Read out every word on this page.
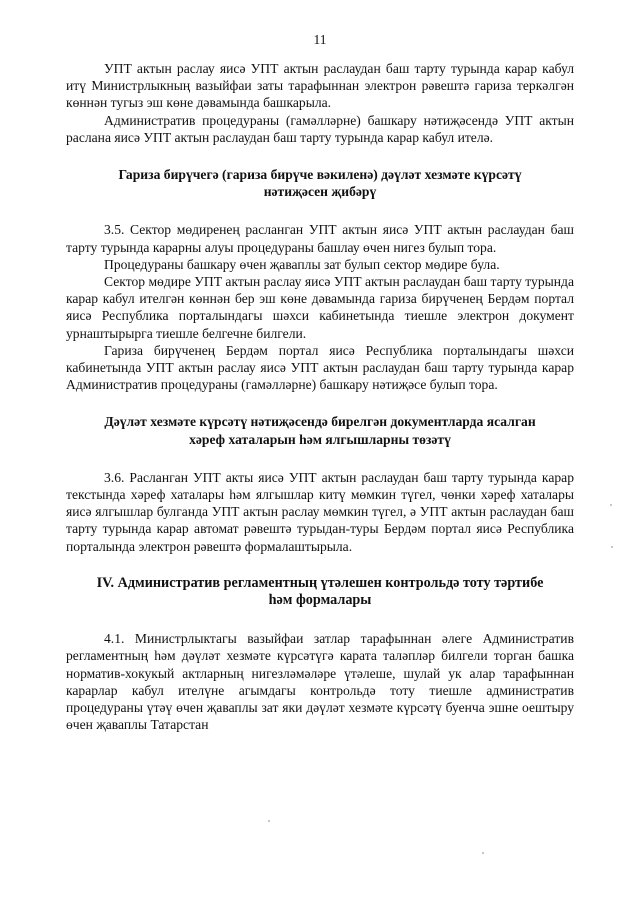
11

УПТ актын раслау яисә УПТ актын раслаудан баш тарту турында карар кабул итү Министрлыкның вазыйфаи заты тарафыннан электрон рәвештә гариза теркәлгән көннән тугыз эш көне дәвамында башкарыла.

Административ процедураны (гамәлләрне) башкару нәтиҗәсендә УПТ актын раслана яисә УПТ актын раслаудан баш тарту турында карар кабул ителә.

Гариза бирүчегә (гариза бирүче вәкиленә) дәүләт хезмәте күрсәтү
нәтиҗәсен җибәрү

3.5. Сектор мөдиренең расланган УПТ актын яисә УПТ актын раслаудан баш тарту турында карарны алуы процедураны башлау өчен нигез булып тора.

Процедураны башкару өчен җаваплы зат булып сектор мөдире була.

Сектор мөдире УПТ актын раслау яисә УПТ актын раслаудан баш тарту турында карар кабул ителгән көннән бер эш көне дәвамында гариза бирүченең Бердәм портал яисә Республика порталындагы шәхси кабинетында тиешле электрон документ урнаштырырга тиешле белгечне билгели.

Гариза бирүченең Бердәм портал яисә Республика порталындагы шәхси кабинетында УПТ актын раслау яисә УПТ актын раслаудан баш тарту турында карар Административ процедураны (гамәлләрне) башкару нәтиҗәсе булып тора.

Дәүләт хезмәте күрсәтү нәтиҗәсендә бирелгән документларда ясалган
хәреф хаталарын һәм ялгышларны төзәтү

3.6. Расланган УПТ акты яисә УПТ актын раслаудан баш тарту турында карар текстында хәреф хаталары һәм ялгышлар китү мөмкин түгел, чөнки хәреф хаталары яисә ялгышлар булганда УПТ актын раслау мөмкин түгел, ә УПТ актын раслаудан баш тарту турында карар автомат рәвештә турыдан-туры Бердәм портал яисә Республика порталында электрон рәвештә формалаштырыла.

IV. Административ регламентның үтәлешен контрольдә тоту тәртибе
һәм формалары

4.1. Министрлыктагы вазыйфаи затлар тарафыннан әлеге Административ регламентның һәм дәүләт хезмәте күрсәтүгә карата таләпләр билгели торган башка норматив-хокукый актларның нигезләмәләре үтәлеше, шулай ук алар тарафыннан карарлар кабул ителүне агымдагы контрольдә тоту тиешле административ процедураны үтәү өчен җаваплы зат яки дәүләт хезмәте күрсәтү буенча эшне оештыру өчен җаваплы Татарстан
